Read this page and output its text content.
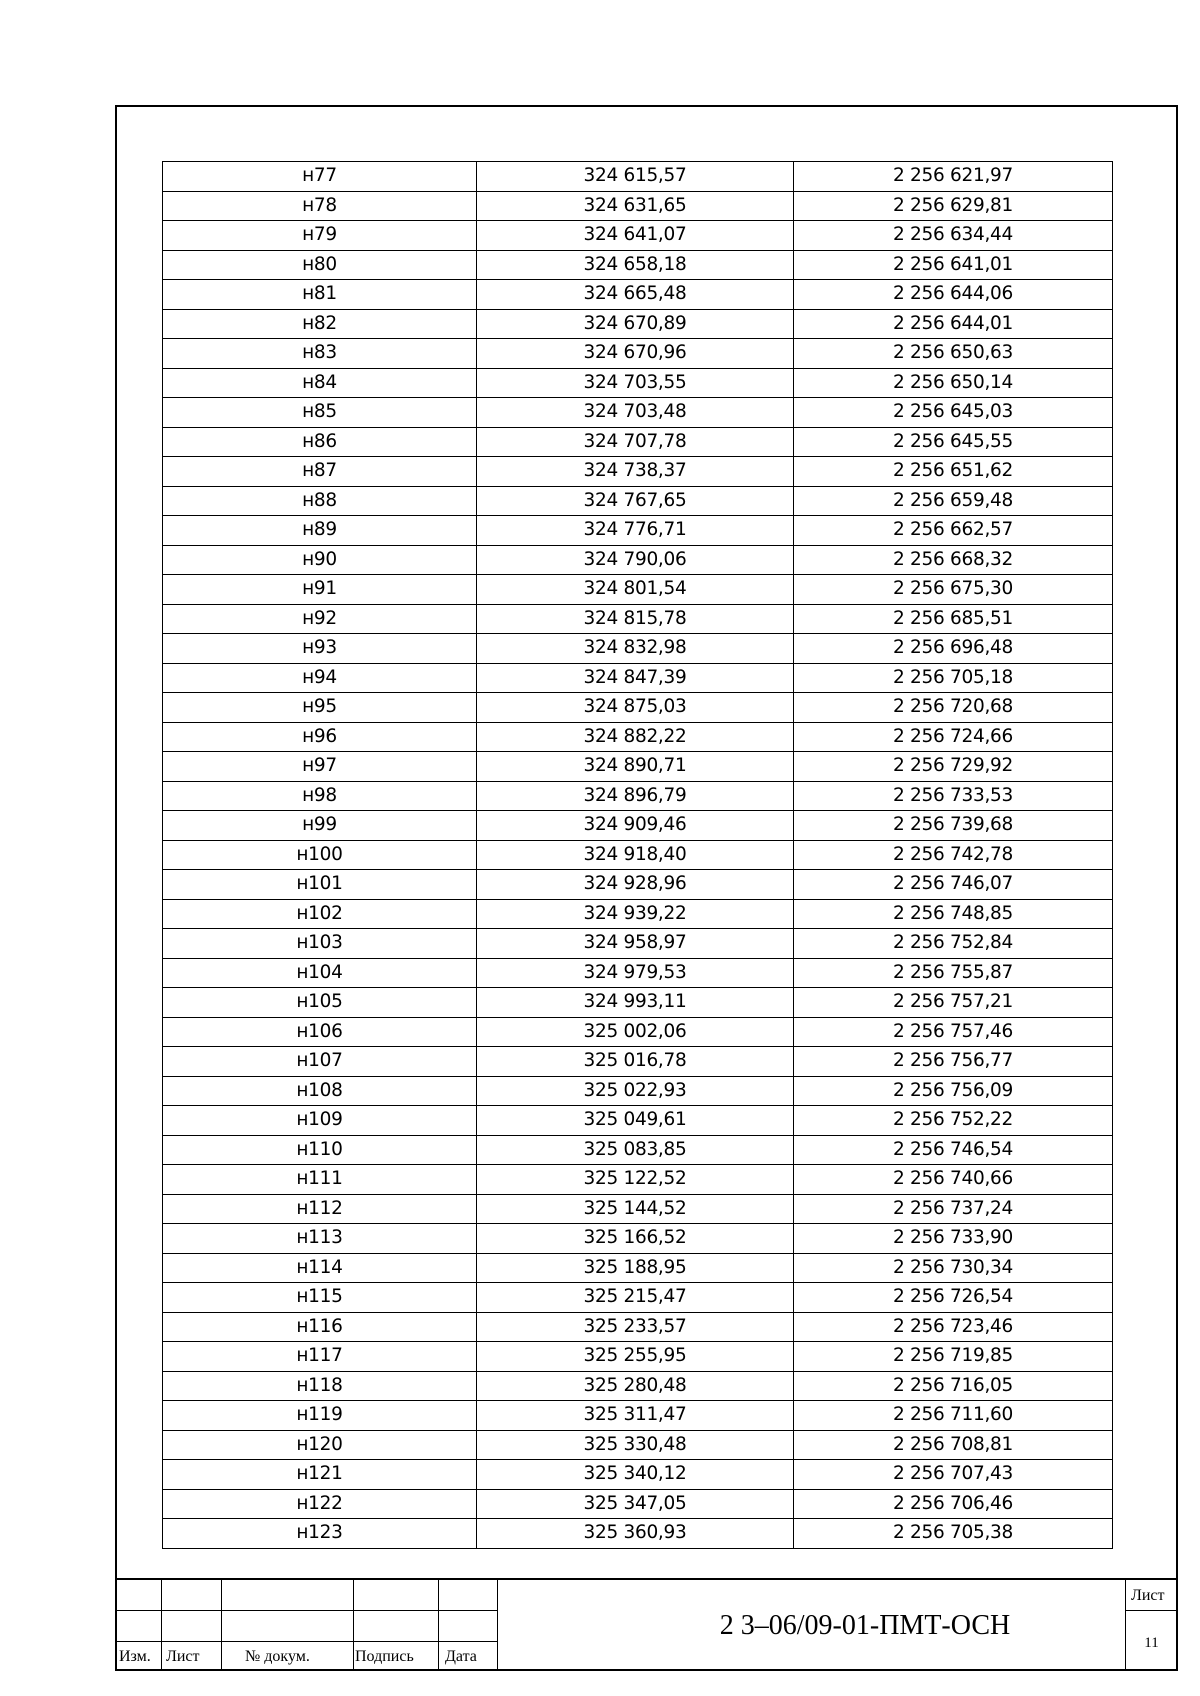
н77	324 615,57	2 256 621,97
н78	324 631,65	2 256 629,81
н79	324 641,07	2 256 634,44
н80	324 658,18	2 256 641,01
н81	324 665,48	2 256 644,06
н82	324 670,89	2 256 644,01
н83	324 670,96	2 256 650,63
н84	324 703,55	2 256 650,14
н85	324 703,48	2 256 645,03
н86	324 707,78	2 256 645,55
н87	324 738,37	2 256 651,62
н88	324 767,65	2 256 659,48
н89	324 776,71	2 256 662,57
н90	324 790,06	2 256 668,32
н91	324 801,54	2 256 675,30
н92	324 815,78	2 256 685,51
н93	324 832,98	2 256 696,48
н94	324 847,39	2 256 705,18
н95	324 875,03	2 256 720,68
н96	324 882,22	2 256 724,66
н97	324 890,71	2 256 729,92
н98	324 896,79	2 256 733,53
н99	324 909,46	2 256 739,68
н100	324 918,40	2 256 742,78
н101	324 928,96	2 256 746,07
н102	324 939,22	2 256 748,85
н103	324 958,97	2 256 752,84
н104	324 979,53	2 256 755,87
н105	324 993,11	2 256 757,21
н106	325 002,06	2 256 757,46
н107	325 016,78	2 256 756,77
н108	325 022,93	2 256 756,09
н109	325 049,61	2 256 752,22
н110	325 083,85	2 256 746,54
н111	325 122,52	2 256 740,66
н112	325 144,52	2 256 737,24
н113	325 166,52	2 256 733,90
н114	325 188,95	2 256 730,34
н115	325 215,47	2 256 726,54
н116	325 233,57	2 256 723,46
н117	325 255,95	2 256 719,85
н118	325 280,48	2 256 716,05
н119	325 311,47	2 256 711,60
н120	325 330,48	2 256 708,81
н121	325 340,12	2 256 707,43
н122	325 347,05	2 256 706,46
н123	325 360,93	2 256 705,38
Изм. Лист	№ докум.	Подпись Дата
2 3–06/09-01-ПМТ-ОСН
Лист
11
